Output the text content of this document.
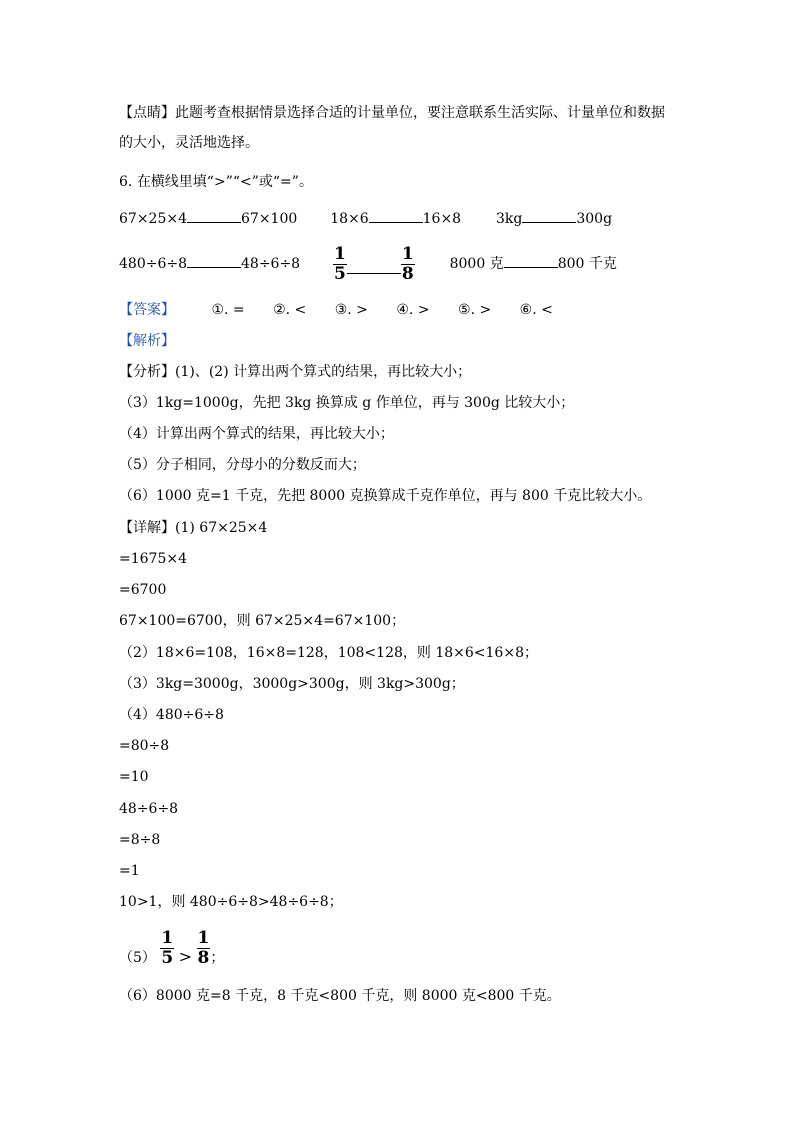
【点睛】此题考查根据情景选择合适的计量单位，要注意联系生活实际、计量单位和数据
的大小，灵活地选择。
6. 在横线里填“>”“<”或“=”。
67×25×4	67×100 18×6	16×8 3kg	300g
480÷6÷8	$48\div 6\div 8 \frac{1}{5}$	$\frac{1}{8} 8000$ 克	800 千克
【答案】	①. = ②. < ③. > ④. > ⑤. > ⑥. <
【解析】
【分析】(1)、(2) 计算出两个算式的结果，再比较大小；
（3）1kg=1000g，先把 3kg 换算成 g 作单位，再与 300g 比较大小；
（4）计算出两个算式的结果，再比较大小；
（5）分子相同，分母小的分数反而大；
（6）1000 克=1 千克，先把 8000 克换算成千克作单位，再与 800 千克比较大小。
【详解】(1) 67×25×4
=1675×4
=6700
67×100=6700，则 67×25×4=67×100；
（2）18×6=108，16×8=128，108<128，则 18×6<16×8；
（3）3kg=3000g，3000g>300g，则 3kg>300g；
（4）480÷6÷8
=80÷8
=10
48÷6÷8
=8÷8
=1
10>1，则 480÷6÷8>48÷6÷8；
$(5) \frac{1}{5} > \frac{1}{8}$ ；
（6）8000 克=8 千克，8 千克<800 千克，则 8000 克<800 千克。
